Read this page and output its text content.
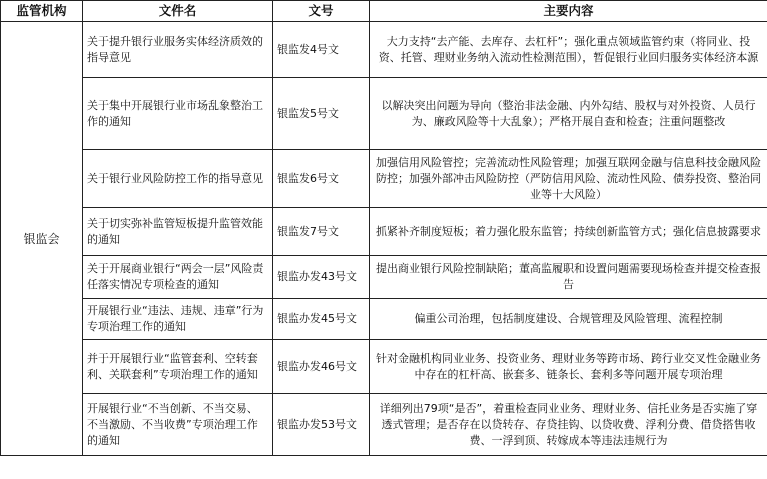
监管机构	文件名	文号	主要内容
银监会	关于提升银行业服务实体经济质效的指导意见	银监发4号文	大力支持“去产能、去库存、去杠杆”；强化重点领域监管约束（将同业、投资、托管、理财业务纳入流动性检测范围），暂促银行业回归服务实体经济本源
	关于集中开展银行业市场乱象整治工作的通知	银监发5号文	以解决突出问题为导向（整治非法金融、内外勾结、股权与对外投资、人员行为、廉政风险等十大乱象）；严格开展自查和检查；注重问题整改
	关于银行业风险防控工作的指导意见	银监发6号文	加强信用风险管控；完善流动性风险管理；加强互联网金融与信息科技金融风险防控；加强外部冲击风险防控（严防信用风险、流动性风险、债券投资、整治同业等十大风险）
	关于切实弥补监管短板提升监管效能的通知	银监发7号文	抓紧补齐制度短板；着力强化股东监管；持续创新监管方式；强化信息披露要求
	关于开展商业银行“两会一层”风险责任落实情况专项检查的通知	银监办发43号文	提出商业银行风险控制缺陷；董高监履职和设置问题需要现场检查并提交检查报告
	开展银行业“违法、违规、违章”行为专项治理工作的通知	银监办发45号文	偏重公司治理，包括制度建设、合规管理及风险管理、流程控制
	并于开展银行业“监管套利、空转套利、关联套利”专项治理工作的通知	银监办发46号文	针对金融机构同业业务、投资业务、理财业务等跨市场、跨行业交叉性金融业务中存在的杠杆高、嵌套多、链条长、套利多等问题开展专项治理
	开展银行业“不当创新、不当交易、不当激励、不当收费”专项治理工作的通知	银监办发53号文	详细列出79项“是否”，着重检查同业业务、理财业务、信托业务是否实施了穿透式管理；是否存在以贷转存、存贷挂钩、以贷收费、浮利分费、借贷搭售收费、一浮到顶、转嫁成本等违法违规行为
